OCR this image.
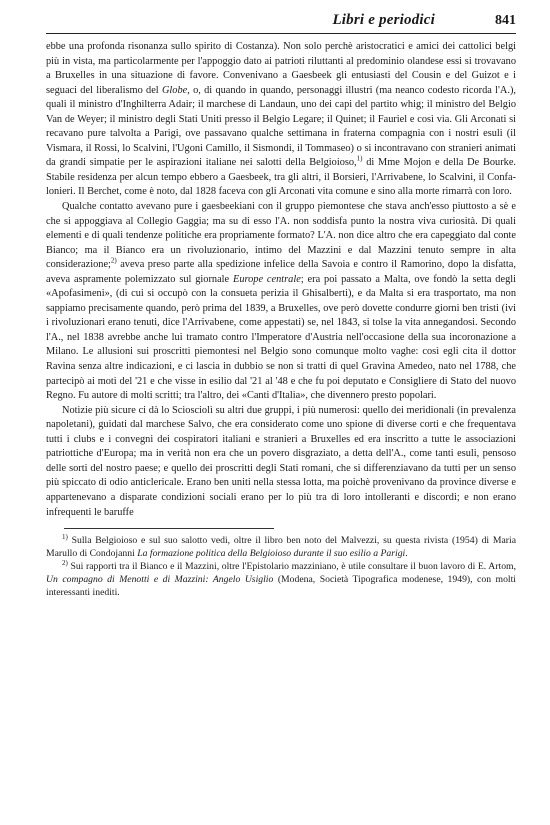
Libri e periodici	841

ebbe una profonda risonanza sullo spirito di Costanza). Non solo perchè aristocratici e amici dei cattolici belgi più in vista, ma particolarmente per l'appoggio dato ai patrioti riluttanti al predominio olandese essi si trovavano a Bruxelles in una situazione di favore. Convenivano a Gaesbeek gli entusiasti del Cousin e del Guizot e i seguaci del liberalismo del Globe, o, di quando in quando, personaggi illustri (ma neanco codesto ricorda l'A.), quali il ministro d'Inghilterra Adair; il marchese di Landaun, uno dei capi del partito whig; il ministro del Belgio Van de Weyer; il ministro degli Stati Uniti presso il Belgio Legare; il Quinet; il Fauriel e così via. Gli Arconati si recavano pure talvolta a Parigi, ove passavano qualche settimana in fraterna compagnia con i nostri esuli (il Vismara, il Rossi, lo Scalvini, l'Ugoni Camillo, il Sismondi, il Tommaseo) o si incontravano con stranieri animati da grandi simpatie per le aspirazioni italiane nei salotti della Belgioioso,$^{1)}$ di Mme Mojon e della De Bourke. Stabile residenza per alcun tempo ebbero a Gaesbeek, tra gli altri, il Borsieri, l'Arrivabene, lo Scalvini, il Confalonieri. Il Berchet, come è noto, dal 1828 faceva con gli Arconati vita comune e sino alla morte rimarrà con loro.

Qualche contatto avevano pure i gaesbeekiani con il gruppo piemontese che stava anch'esso piuttosto a sè e che si appoggiava al Collegio Gaggia; ma su di esso l'A. non soddisfa punto la nostra viva curiosità. Di quali elementi e di quali tendenze politiche era propriamente formato? L'A. non dice altro che era capeggiato dal conte Bianco; ma il Bianco era un rivoluzionario, intimo del Mazzini e dal Mazzini tenuto sempre in alta considerazione;$^{2)}$ aveva preso parte alla spedizione infelice della Savoia e contro il Ramorino, dopo la disfatta, aveva aspramente polemizzato sul giornale Europe centrale; era poi passato a Malta, ove fondò la setta degli «Apofasimeni», (di cui si occupò con la consueta perizia il Ghisalberti), e da Malta si era trasportato, ma non sappiamo precisamente quando, però prima del 1839, a Bruxelles, ove però dovette condurre giorni ben tristi (ivi i rivoluzionari erano tenuti, dice l'Arrivabene, come appestati) se, nel 1843, si tolse la vita annegandosi. Secondo l'A., nel 1838 avrebbe anche lui tramato contro l'Imperatore d'Austria nell'occasione della sua incoronazione a Milano. Le allusioni sui proscritti piemontesi nel Belgio sono comunque molto vaghe: così egli cita il dottor Ravina senza altre indicazioni, e ci lascia in dubbio se non si tratti di quel Gravina Amedeo, nato nel 1788, che partecipò ai moti del '21 e che visse in esilio dal '21 al '48 e che fu poi deputato e Consigliere di Stato del nuovo Regno. Fu autore di molti scritti; tra l'altro, dei «Canti d'Italia», che divennero presto popolari.

Notizie più sicure ci dà lo Sciosciolì su altri due gruppi, i più numerosi: quello dei meridionali (in prevalenza napoletani), guidati dal marchese Salvo, che era considerato come uno spione di diverse corti e che frequentava tutti i clubs e i convegni dei cospiratori italiani e stranieri a Bruxelles ed era inscritto a tutte le associazioni patriottiche d'Europa; ma in verità non era che un povero disgraziato, a detta dell'A., come tanti esuli, pensoso delle sorti del nostro paese; e quello dei proscritti degli Stati romani, che si differenziavano da tutti per un senso più spiccato di odio anticlericale. Erano ben uniti nella stessa lotta, ma poichè provenivano da province diverse e appartenevano a disparate condizioni sociali erano per lo più tra di loro intolleranti e discordi; e non erano infrequenti le baruffe

$^{1)}$ Sulla Belgioioso e sul suo salotto vedi, oltre il libro ben noto del Malvezzi, su questa rivista (1954) di Maria Marullo di Condojanni La formazione politica della Belgioioso durante il suo esilio a Parigi.

$^{2)}$ Sui rapporti tra il Bianco e il Mazzini, oltre l'Epistolario mazziniano, è utile consultare il buon lavoro di E. Artom, Un compagno di Menotti e di Mazzini: Angelo Usiglio (Modena, Società Tipografica modenese, 1949), con molti interessanti inediti.
